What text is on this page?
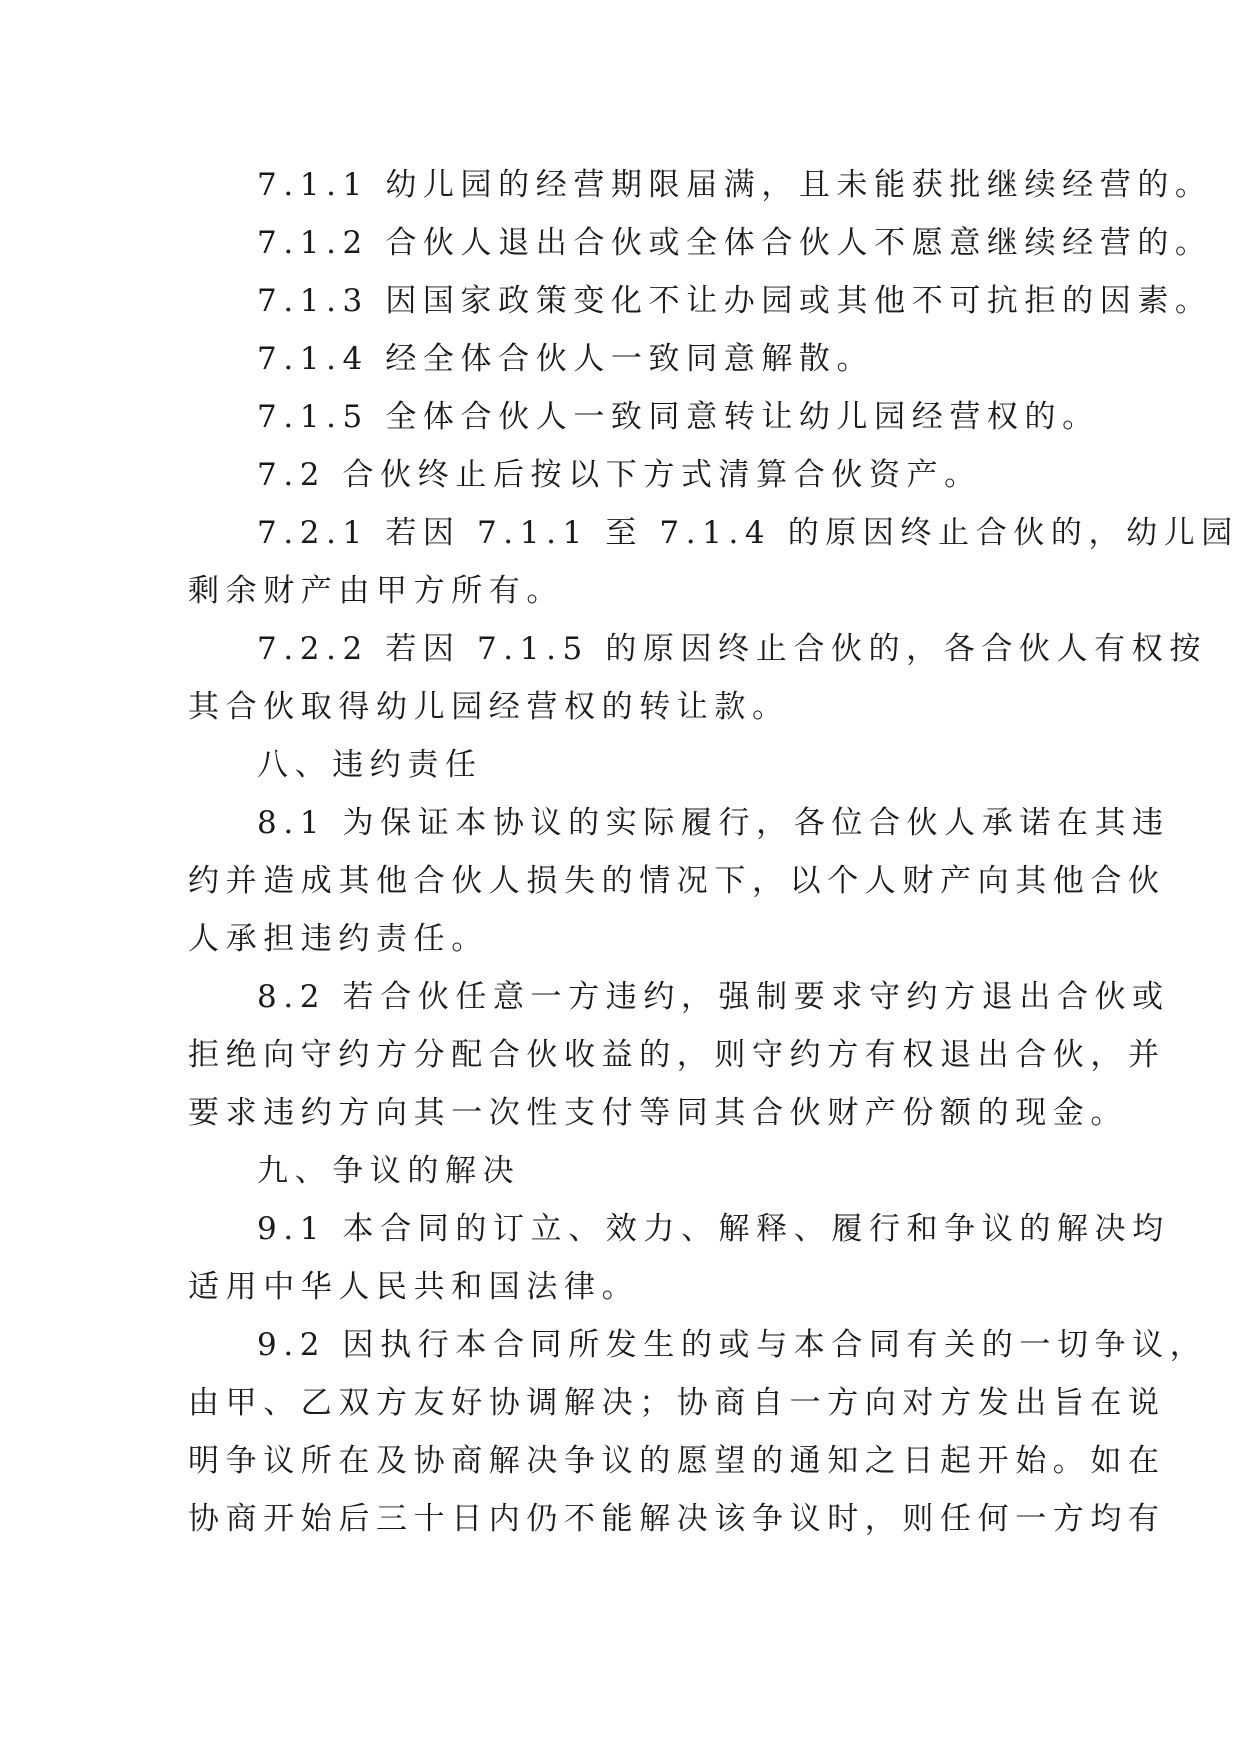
7.1.1 幼儿园的经营期限届满，且未能获批继续经营的。
7.1.2 合伙人退出合伙或全体合伙人不愿意继续经营的。
7.1.3 因国家政策变化不让办园或其他不可抗拒的因素。
7.1.4 经全体合伙人一致同意解散。
7.1.5 全体合伙人一致同意转让幼儿园经营权的。
7.2 合伙终止后按以下方式清算合伙资产。
7.2.1 若因 7.1.1 至 7.1.4 的原因终止合伙的，幼儿园
剩余财产由甲方所有。
7.2.2 若因 7.1.5 的原因终止合伙的，各合伙人有权按
其合伙取得幼儿园经营权的转让款。
八、违约责任
8.1 为保证本协议的实际履行，各位合伙人承诺在其违
约并造成其他合伙人损失的情况下，以个人财产向其他合伙
人承担违约责任。
8.2 若合伙任意一方违约，强制要求守约方退出合伙或
拒绝向守约方分配合伙收益的，则守约方有权退出合伙，并
要求违约方向其一次性支付等同其合伙财产份额的现金。
九、争议的解决
9.1 本合同的订立、效力、解释、履行和争议的解决均
适用中华人民共和国法律。
9.2 因执行本合同所发生的或与本合同有关的一切争议，
由甲、乙双方友好协调解决；协商自一方向对方发出旨在说
明争议所在及协商解决争议的愿望的通知之日起开始。如在
协商开始后三十日内仍不能解决该争议时，则任何一方均有
